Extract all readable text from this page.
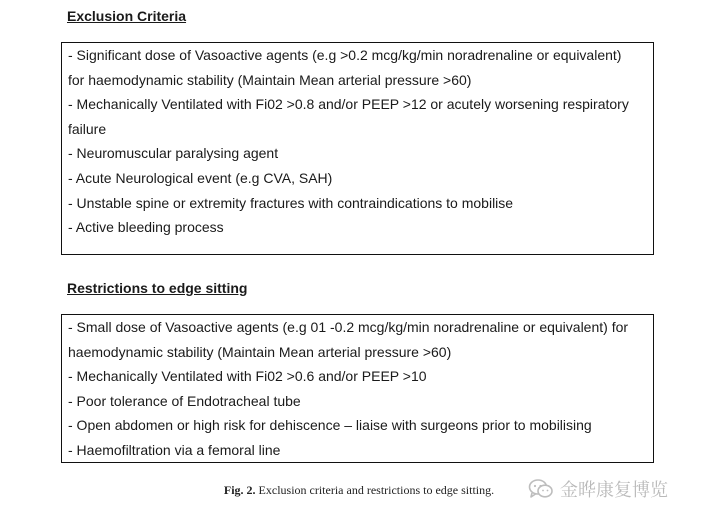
Exclusion Criteria
- Significant dose of Vasoactive agents (e.g >0.2 mcg/kg/min noradrenaline or equivalent)
for haemodynamic stability (Maintain Mean arterial pressure >60)
- Mechanically Ventilated with Fi02 >0.8 and/or PEEP >12 or acutely worsening respiratory
failure
- Neuromuscular paralysing agent
- Acute Neurological event (e.g CVA, SAH)
- Unstable spine or extremity fractures with contraindications to mobilise
- Active bleeding process
Restrictions to edge sitting
- Small dose of Vasoactive agents (e.g 01 -0.2 mcg/kg/min noradrenaline or equivalent) for
haemodynamic stability (Maintain Mean arterial pressure >60)
- Mechanically Ventilated with Fi02 >0.6 and/or PEEP >10
- Poor tolerance of Endotracheal tube
- Open abdomen or high risk for dehiscence – liaise with surgeons prior to mobilising
- Haemofiltration via a femoral line
Fig. 2. Exclusion criteria and restrictions to edge sitting.	金晔康复博览
